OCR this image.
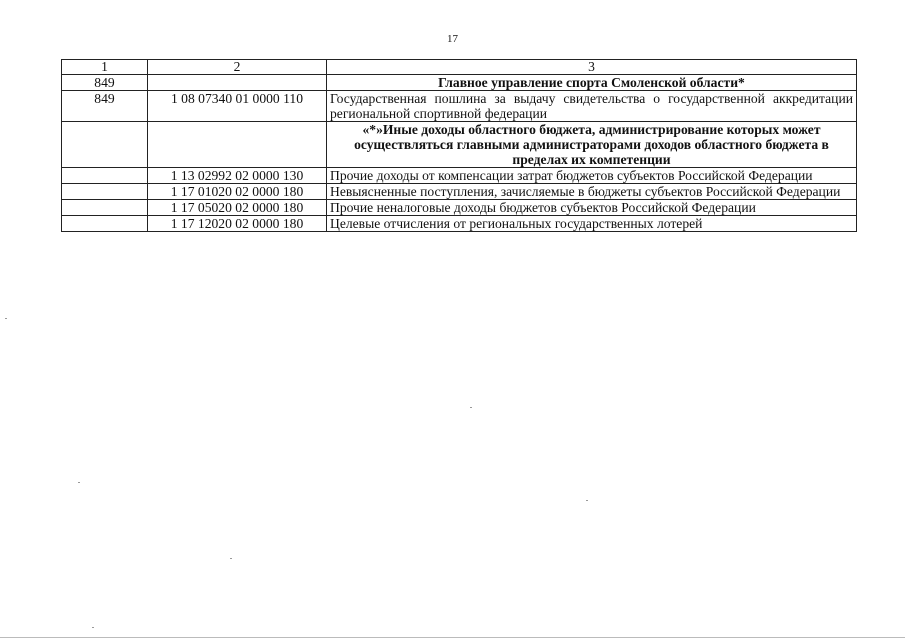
17
1	2	3
849		Главное управление спорта Смоленской области*
849	1 08 07340 01 0000 110	Государственная пошлина за выдачу свидетельства о государственной аккредитации региональной спортивной федерации
		«*»Иные доходы областного бюджета, администрирование которых может осуществляться главными администраторами доходов областного бюджета в пределах их компетенции
	1 13 02992 02 0000 130	Прочие доходы от компенсации затрат бюджетов субъектов Российской Федерации
	1 17 01020 02 0000 180	Невыясненные поступления, зачисляемые в бюджеты субъектов Российской Федерации
	1 17 05020 02 0000 180	Прочие неналоговые доходы бюджетов субъектов Российской Федерации
	1 17 12020 02 0000 180	Целевые отчисления от региональных государственных лотерей
